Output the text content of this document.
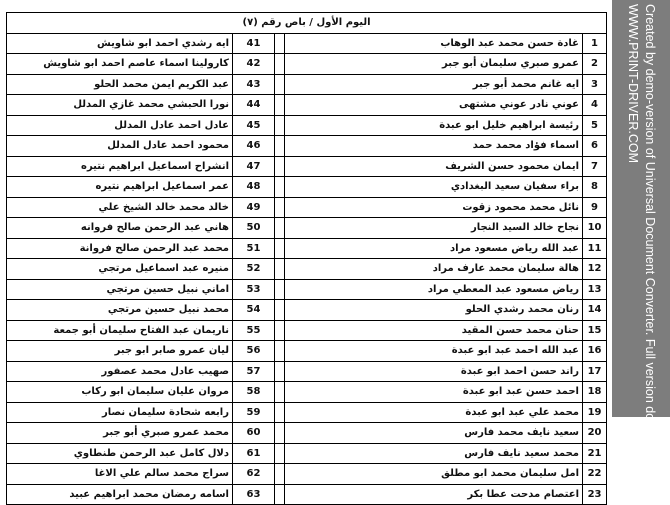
اليوم الأول / باص رقم (٧)				
ايه رشدي احمد ابو شاويش	41		غادة حسن محمد عبد الوهاب	1
كارولينا اسماء عاصم احمد ابو شاويش	42		عمرو صبري سليمان أبو جبر	2
عبد الكريم ايمن محمد الحلو	43		ايه غانم محمد أبو جبر	3
نورا الحبشي محمد غازي المدلل	44		عوني نادر عوني مشتهى	4
عادل احمد عادل المدلل	45		رئيسة ابراهيم خليل ابو عبدة	5
محمود احمد عادل المدلل	46		اسماء فؤاد محمد حمد	6
انشراح اسماعيل ابراهيم نتيره	47		ايمان محمود حسن الشريف	7
عمر اسماعيل ابراهيم نتيره	48		براء سفيان سعيد البغدادي	8
خالد محمد خالد الشيخ علي	49		نائل محمد محمود زقوت	9
هاني عبد الرحمن صالح فروانه	50		نجاح خالد السيد النجار	10
محمد عبد الرحمن صالح فروانة	51		عبد الله رياض مسعود مراد	11
منيره عبد اسماعيل مرتجي	52		هالة سليمان محمد عارف مراد	12
اماني نبيل حسين مرتجي	53		رياض مسعود عبد المعطي مراد	13
محمد نبيل حسين مرتجي	54		رنان محمد رشدي الحلو	14
ناريمان عبد الفتاح سليمان أبو جمعة	55		حنان محمد حسن المقيد	15
ليان عمرو صابر ابو جبر	56		عبد الله احمد عبد ابو عبدة	16
صهيب عادل محمد عصفور	57		راند حسن احمد ابو عبدة	17
مروان عليان سليمان ابو ركاب	58		احمد حسن عبد ابو عبدة	18
رابعه شحادة سليمان نصار	59		محمد علي عبد ابو عبدة	19
محمد عمرو صبري أبو جبر	60		سعيد نايف محمد فارس	20
دلال كامل عبد الرحمن طنطاوي	61		محمد سعيد نايف فارس	21
سراج محمد سالم علي الاغا	62		امل سليمان محمد ابو مطلق	22
اسامه رمضان محمد ابراهيم عبيد	63		اعتصام مدحت عطا بكر	23
Created by demo-version of Universal Document Converter. Full version doesn't
WWW.PRINT-DRIVER.COM
